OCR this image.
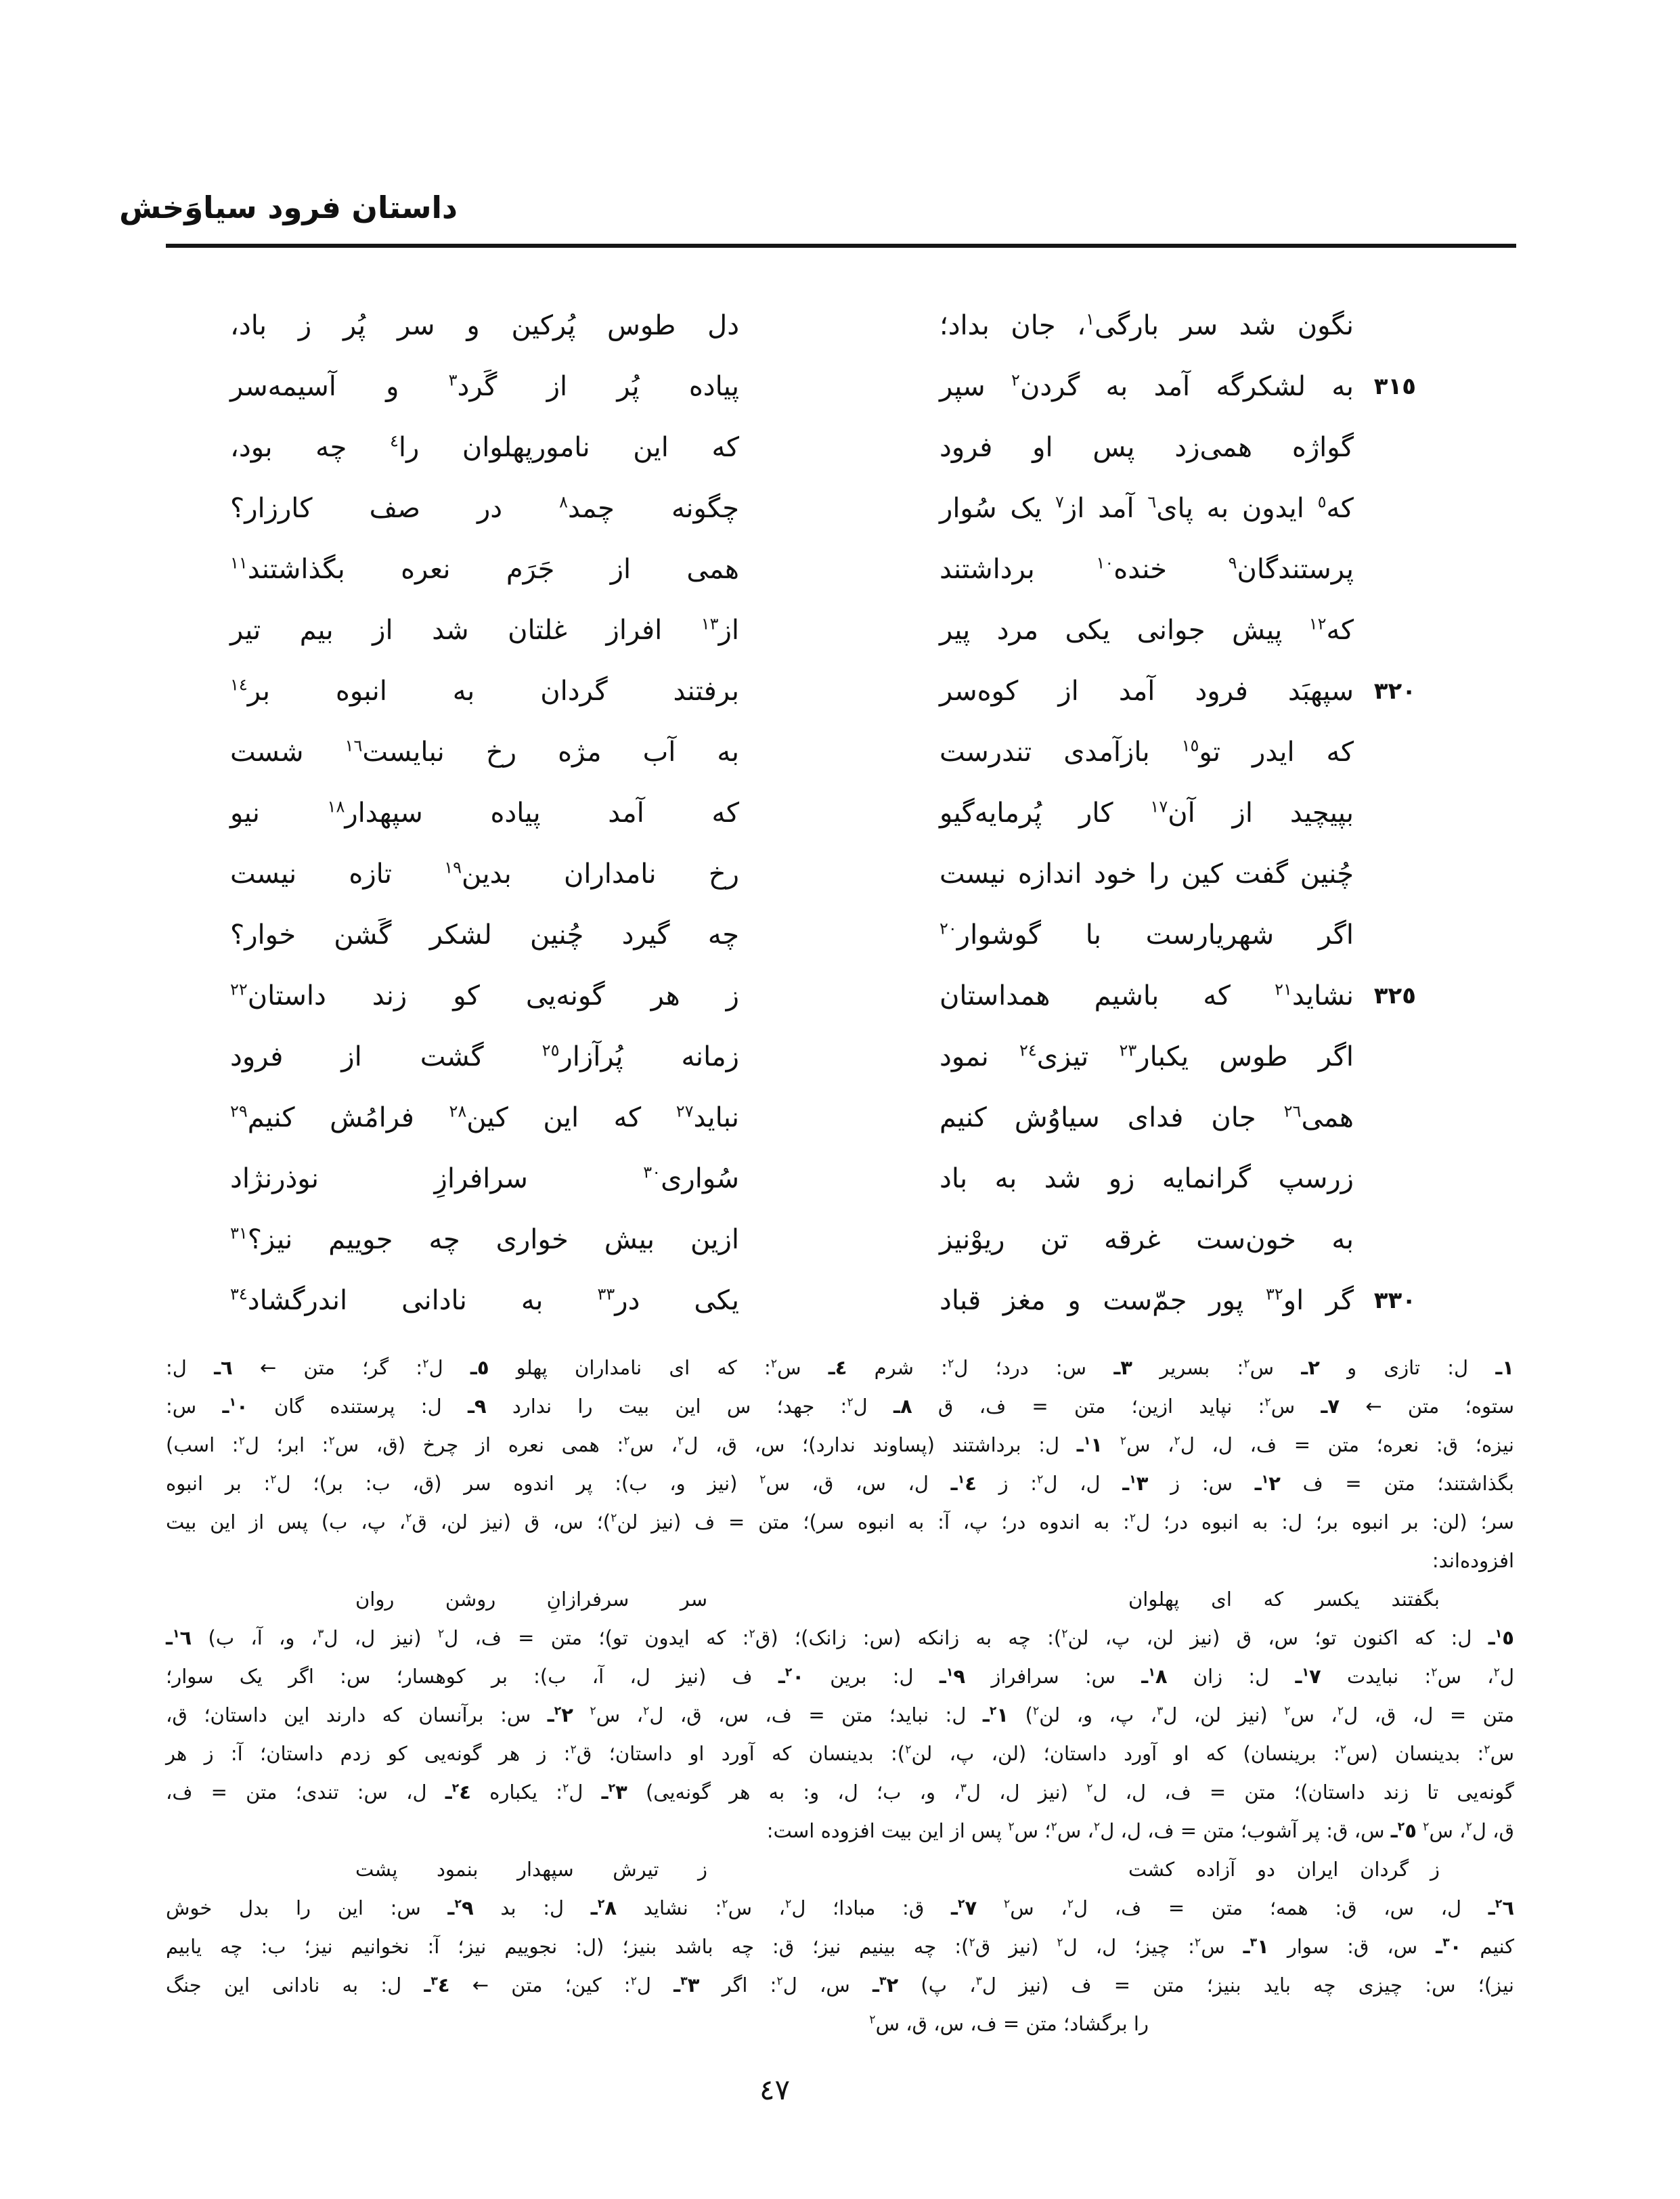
داستان فرود سیاوَخش
دل طوس پُرکین و سر پُر ز باد،	نگون شد سر بارگی$^١$، جان بداد؛
پیاده پُر از گَرد$^٣$ و آسیمه‌سر	به لشکرگه آمد به گردن$^٢$ سپر	٣١٥
که این نامورپهلوان را$^٤$ چه بود،	گواژه همی‌زد پس او فرود
چگونه چمد$^٨$ در صف کارزار؟	که$^٥$ ایدون به پای$^٦$ آمد از$^٧$ یک سُوار
همی از جَرَم نعره بگذاشتند$^{١١}$	پرستندگان$^٩$ خنده$^{١٠}$ برداشتند
از$^{١٣}$ افراز غلتان شد از بیم تیر	که$^{١٢}$ پیش جوانی یکی مرد پیر
برفتند گردان به انبوه بر$^{١٤}$	سپهبَد فرود آمد از کوه‌سر ٣٢٠
به آب مژه رخ نبایست$^{١٦}$ شست	که ایدر تو$^{١٥}$ بازآمدی تندرست
که آمد پیاده سپهدار$^{١٨}$ نیو	بپیچید از آن$^{١٧}$ کار پُرمایه‌گیو
رخ نامداران بدین$^{١٩}$ تازه نیست	چُنین گفت کین را خود اندازه نیست
چه گیرد چُنین لشکر گَشن خوار؟	اگر شهریارست با گوشوار$^{٢٠}$
ز هر گونه‌یی کو زند داستان$^{٢٢}$	نشاید$^{٢١}$ که باشیم همداستان	٣٢٥
زمانه پُرآزار$^{٢٥}$ گشت از فرود	اگر طوس یکبار$^{٢٣}$ تیزی$^{٢٤}$ نمود
نباید$^{٢٧}$ که این کین$^{٢٨}$ فرامُش کنیم$^{٢٩}$	همی$^{٢٦}$ جان فدای سیاوُش کنیم
سُواری$^{٣٠}$ سرافرازِ نوذرنژاد	زرسپ گرانمایه زو شد به باد
ازین بیش خواری چه جوییم نیز؟$^{٣١}$	به خون‌ست غرقه تن ریوْنیز
یکی در$^{٣٣}$ به نادانی اندرگشاد$^{٣٤}$	گر او$^{٣٢}$ پور جمّ‌ست و مغز قباد	٣٣٠
١ـ ل: تازی و ٢ـ س$^٢$: بسریر ٣ـ س: درد؛ ل$^٢$: شرم ٤ـ س$^٢$: که ای نامداران پهلو ٥ـ ل$^٢$: گر؛ متن ← ٦ـ ل:
ستوه؛ متن ← ٧ـ س$^٢$: نپاید ازین؛ متن = ف، ق ٨ـ ل$^٢$: جهد؛ س این بیت را ندارد ٩ـ ل: پرستنده گان $^١$٠ـ س:
نیزه؛ ق: نعره؛ متن = ف، ل، ل$^٢$، س$^٢$ $^١$١ـ ل: برداشتند (پساوند ندارد)؛ س، ق، ل$^٢$، س$^٢$: همی نعره از چرخ (ق، س$^٢$: ابر؛ ل$^٢$: اسب)
بگذاشتند؛ متن = ف $^١$٢ـ س: ز $^١$٣ـ ل، ل$^٢$: ز $^١$٤ـ ل، س، ق، س$^٢$ (نیز و، ب): پر اندوه سر (ق، ب: بر)؛ ل$^٢$: بر انبوه
سر؛ (لن: بر انبوه بر؛ ل: به انبوه در؛ ل$^٢$: به اندوه در؛ پ، آ: به انبوه سر)؛ متن = ف (نیز لن$^٢$)؛ س، ق (نیز لن، ق$^٢$، پ، ب) پس از این بیت
افزوده‌اند:
بگفتند یکسر که ای پهلوان
سر سرفرازانِ روشن روان
$^١$٥ـ ل: که اکنون تو؛ س، ق (نیز لن، پ، لن$^٢$): چه به زانکه (س: زانک)؛ (ق$^٢$: که ایدون تو)؛ متن = ف، ل$^٢$ (نیز ل، ل$^٣$، و، آ، ب) $^١$٦ـ
ل$^٢$، س$^٢$: نبایدت $^١$٧ـ ل: زان $^١$٨ـ س: سرافراز $^١$٩ـ ل: برین $^٢$٠ـ ف (نیز ل، آ، ب): بر کوهسار؛ س: اگر یک سوار؛
متن = ل، ق، ل$^٢$، س$^٢$ (نیز لن، ل$^٣$، پ، و، لن$^٢$) $^٢$١ـ ل: نباید؛ متن = ف، س، ق، ل$^٢$، س$^٢$ $^٢$٢ـ س: برآنسان که دارند این داستان؛ ق،
س$^٢$: بدینسان (س$^٢$: برینسان) که او آورد داستان؛ (لن، پ، لن$^٢$): بدینسان که آورد او داستان؛ ق$^٢$: ز هر گونه‌یی کو زدم داستان؛ آ: ز هر
گونه‌یی تا زند داستان)؛ متن = ف، ل، ل$^٢$ (نیز ل، ل$^٣$، و، ب؛ ل، و: به هر گونه‌یی) $^٢$٣ـ ل$^٢$: یکباره $^٢$٤ـ ل، س: تندی؛ متن = ف،
ق، ل$^٢$، س$^٢$ $^٢$٥ـ س، ق: پر آشوب؛ متن = ف، ل، ل$^٢$، س$^٢$؛ س$^٢$ پس از این بیت افزوده است:
ز گردان ایران دو آزاده کشت
ز تیرش سپهدار بنمود پشت
$^٢$٦ـ ل، س، ق: همه؛ متن = ف، ل$^٢$، س$^٢$ $^٢$٧ـ ق: مبادا؛ ل$^٢$، س$^٢$: نشاید $^٢$٨ـ ل: بد $^٢$٩ـ س: این را بدل خوش
کنیم $^٣$٠ـ س، ق: سوار $^٣$١ـ س$^٢$: چیز؛ ل، ل$^٢$ (نیز ق$^٢$): چه بینیم نیز؛ ق: چه باشد بنیز؛ (ل: نجوییم نیز؛ آ: نخوانیم نیز؛ ب: چه یابیم
نیز)؛ س: چیزی چه باید بنیز؛ متن = ف (نیز ل$^٣$، پ) $^٣$٢ـ س، ل$^٢$: اگر $^٣$٣ـ ل$^٢$: کین؛ متن ← $^٣$٤ـ ل: به نادانی این جنگ
را برگشاد؛ متن = ف، س، ق، س$^٢$
٤٧
